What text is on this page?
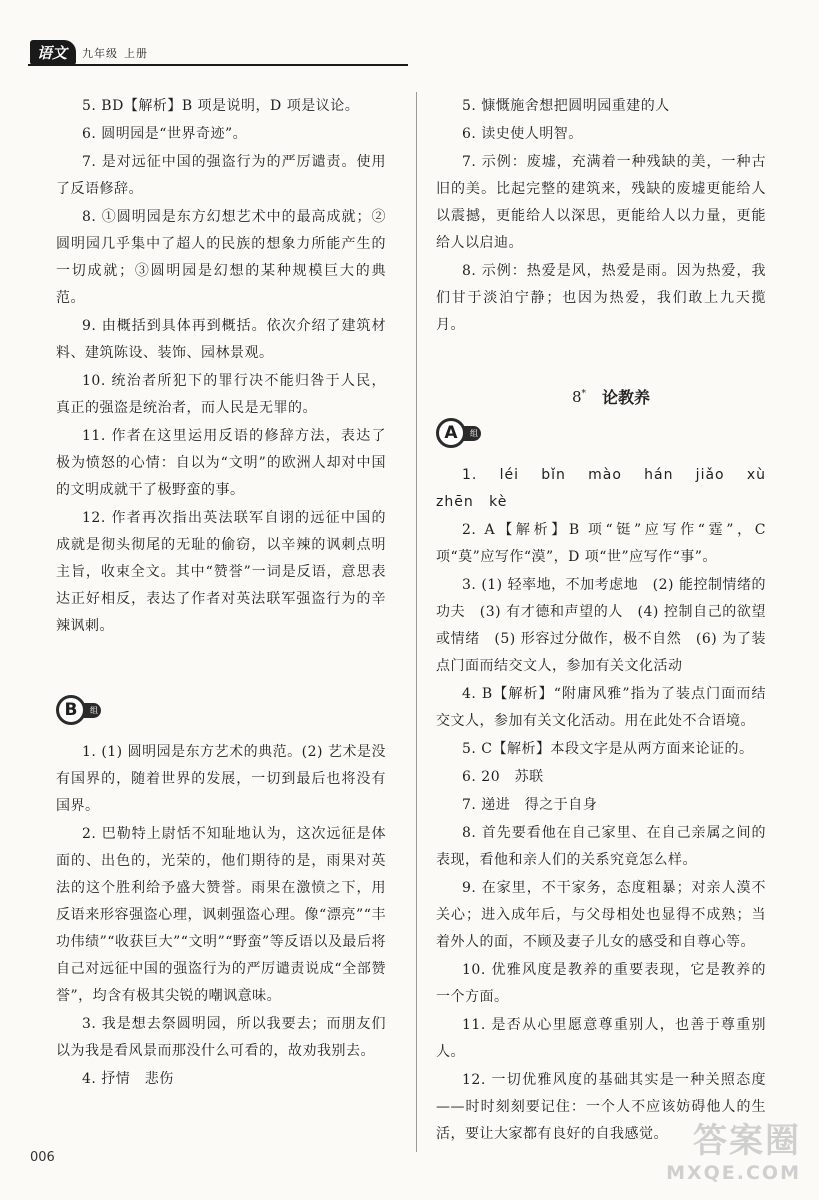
语文	九年级 上册

5. BD【解析】B 项是说明，D 项是议论。

6. 圆明园是“世界奇迹”。

7. 是对远征中国的强盗行为的严厉谴责。使用了反语修辞。

8. ①圆明园是东方幻想艺术中的最高成就；②圆明园几乎集中了超人的民族的想象力所能产生的一切成就；③圆明园是幻想的某种规模巨大的典范。

9. 由概括到具体再到概括。依次介绍了建筑材料、建筑陈设、装饰、园林景观。

10. 统治者所犯下的罪行决不能归咎于人民，真正的强盗是统治者，而人民是无罪的。

11. 作者在这里运用反语的修辞方法，表达了极为愤怒的心情：自以为“文明”的欧洲人却对中国的文明成就干了极野蛮的事。

12. 作者再次指出英法联军自诩的远征中国的成就是彻头彻尾的无耻的偷窃，以辛辣的讽刺点明主旨，收束全文。其中“赞誉”一词是反语，意思表达正好相反，表达了作者对英法联军强盗行为的辛辣讽刺。

B	组

1. (1) 圆明园是东方艺术的典范。(2) 艺术是没有国界的，随着世界的发展，一切到最后也将没有国界。

2. 巴勒特上尉恬不知耻地认为，这次远征是体面的、出色的，光荣的，他们期待的是，雨果对英法的这个胜利给予盛大赞誉。雨果在激愤之下，用反语来形容强盗心理，讽刺强盗心理。像“漂亮”“丰功伟绩”“收获巨大”“文明”“野蛮”等反语以及最后将自己对远征中国的强盗行为的严厉谴责说成“全部赞誉”，均含有极其尖锐的嘲讽意味。

3. 我是想去祭圆明园，所以我要去；而朋友们以为我是看风景而那没什么可看的，故劝我别去。

4. 抒情　悲伤

5. 慷慨施舍想把圆明园重建的人

6. 读史使人明智。

7. 示例：废墟，充满着一种残缺的美，一种古旧的美。比起完整的建筑来，残缺的废墟更能给人以震撼，更能给人以深思，更能给人以力量，更能给人以启迪。

8. 示例：热爱是风，热爱是雨。因为热爱，我们甘于淡泊宁静；也因为热爱，我们敢上九天揽月。

8* 论教养
A	组

1. léi bǐn mào hán jiǎo xù zhēn kè

2. A【解析】B 项“铤”应写作“霆”，C 项“莫”应写作“漠”，D 项“世”应写作“事”。

3. (1) 轻率地，不加考虑地　(2) 能控制情绪的功夫　(3) 有才德和声望的人　(4) 控制自己的欲望或情绪　(5) 形容过分做作，极不自然　(6) 为了装点门面而结交文人，参加有关文化活动

4. B【解析】“附庸风雅”指为了装点门面而结交文人，参加有关文化活动。用在此处不合语境。

5. C【解析】本段文字是从两方面来论证的。

6. 20　苏联

7. 递进　得之于自身

8. 首先要看他在自己家里、在自己亲属之间的表现，看他和亲人们的关系究竟怎么样。

9. 在家里，不干家务，态度粗暴；对亲人漠不关心；进入成年后，与父母相处也显得不成熟；当着外人的面，不顾及妻子儿女的感受和自尊心等。

10. 优雅风度是教养的重要表现，它是教养的一个方面。

11. 是否从心里愿意尊重别人，也善于尊重别人。

12. 一切优雅风度的基础其实是一种关照态度——时时刻刻要记住：一个人不应该妨碍他人的生活，要让大家都有良好的自我感觉。

006	答案圈
MXQE.COM
